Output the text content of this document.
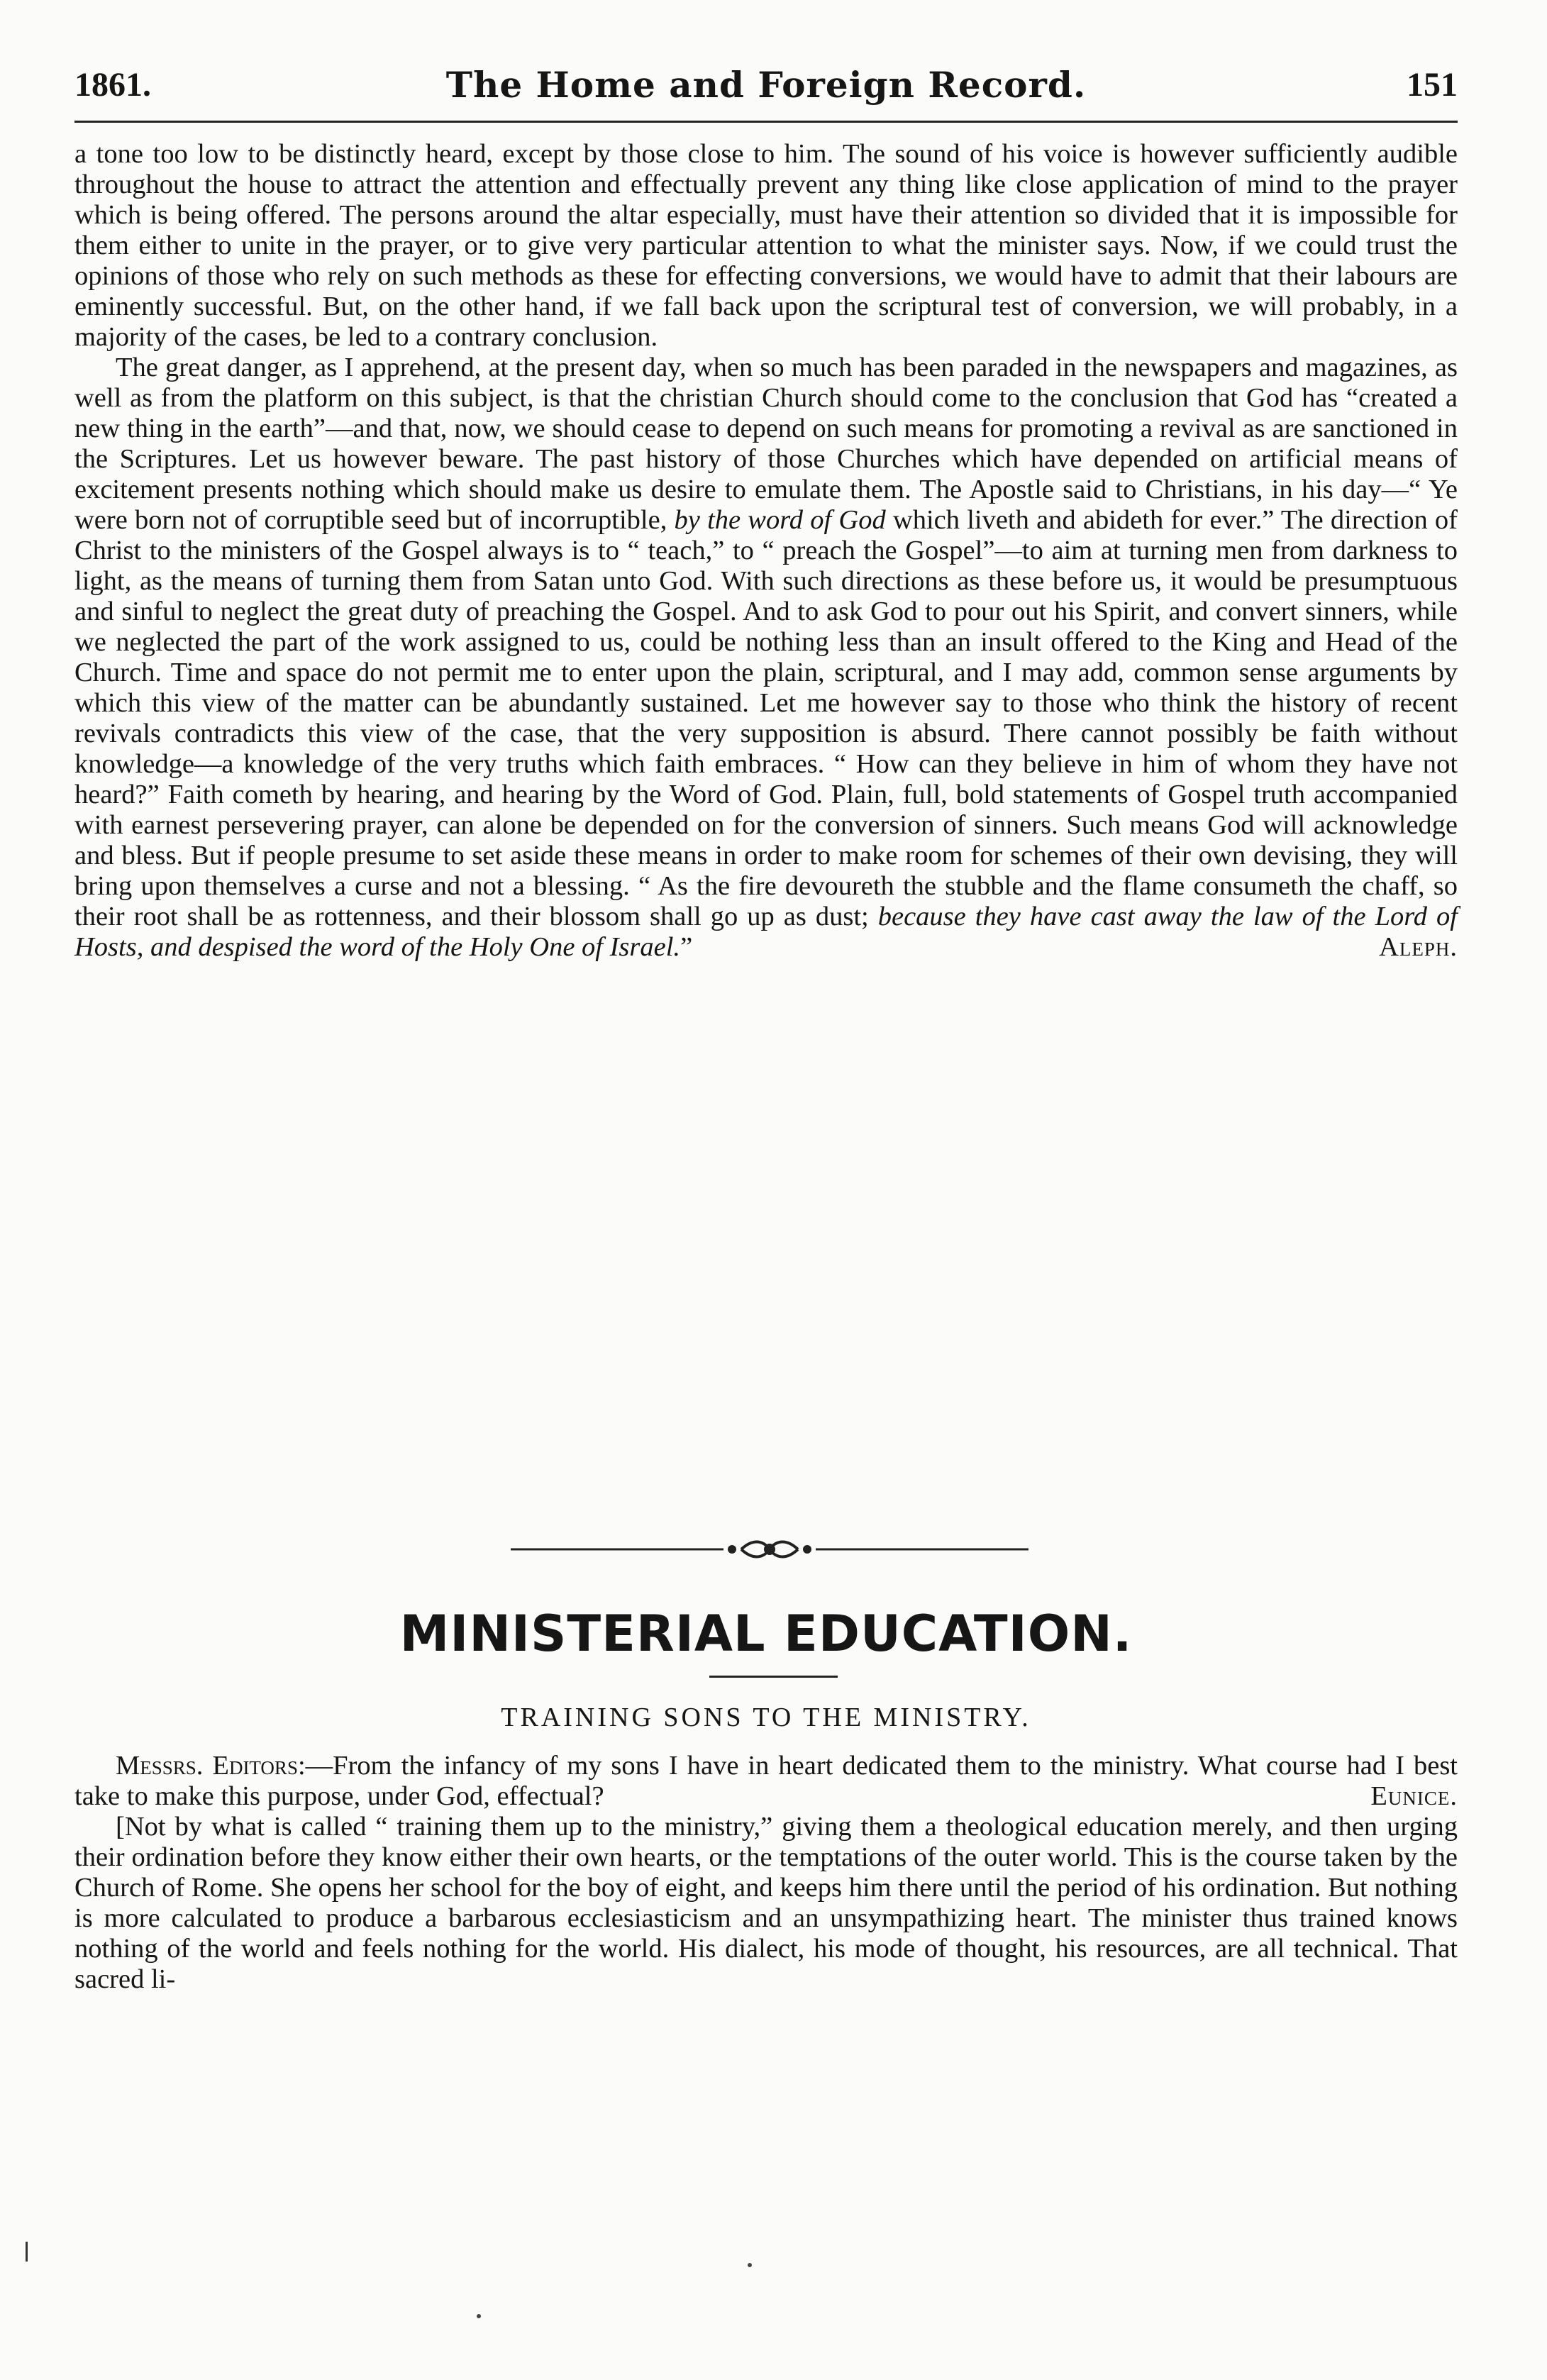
1861.	The Home and Foreign Record.	151

a tone too low to be distinctly heard, except by those close to him. The sound of his voice is however sufficiently audible throughout the house to attract the attention and effectually prevent any thing like close application of mind to the prayer which is being offered. The persons around the altar especially, must have their attention so divided that it is impossible for them either to unite in the prayer, or to give very particular attention to what the minister says. Now, if we could trust the opinions of those who rely on such methods as these for effecting conversions, we would have to admit that their labours are eminently successful. But, on the other hand, if we fall back upon the scriptural test of conversion, we will probably, in a majority of the cases, be led to a contrary conclusion.

The great danger, as I apprehend, at the present day, when so much has been paraded in the newspapers and magazines, as well as from the platform on this subject, is that the christian Church should come to the conclusion that God has “created a new thing in the earth”—and that, now, we should cease to depend on such means for promoting a revival as are sanctioned in the Scriptures. Let us however beware. The past history of those Churches which have depended on artificial means of excitement presents nothing which should make us desire to emulate them. The Apostle said to Christians, in his day—“ Ye were born not of corruptible seed but of incorruptible, by the word of God which liveth and abideth for ever.” The direction of Christ to the ministers of the Gospel always is to “ teach,” to “ preach the Gospel”—to aim at turning men from darkness to light, as the means of turning them from Satan unto God. With such directions as these before us, it would be presumptuous and sinful to neglect the great duty of preaching the Gospel. And to ask God to pour out his Spirit, and convert sinners, while we neglected the part of the work assigned to us, could be nothing less than an insult offered to the King and Head of the Church. Time and space do not permit me to enter upon the plain, scriptural, and I may add, common sense arguments by which this view of the matter can be abundantly sustained. Let me however say to those who think the history of recent revivals contradicts this view of the case, that the very supposition is absurd. There cannot possibly be faith without knowledge—a knowledge of the very truths which faith embraces. “ How can they believe in him of whom they have not heard?” Faith cometh by hearing, and hearing by the Word of God. Plain, full, bold statements of Gospel truth accompanied with earnest persevering prayer, can alone be depended on for the conversion of sinners. Such means God will acknowledge and bless. But if people presume to set aside these means in order to make room for schemes of their own devising, they will bring upon themselves a curse and not a blessing. “ As the fire devoureth the stubble and the flame consumeth the chaff, so their root shall be as rottenness, and their blossom shall go up as dust; because they have cast away the law of the Lord of Hosts, and despised the word of the Holy One of Israel.”	Aleph.

MINISTERIAL EDUCATION.
TRAINING SONS TO THE MINISTRY.

Messrs. Editors:—From the infancy of my sons I have in heart dedicated them to the ministry. What course had I best take to make this purpose, under God, effectual?	Eunice.

[Not by what is called “ training them up to the ministry,” giving them a theological education merely, and then urging their ordination before they know either their own hearts, or the temptations of the outer world. This is the course taken by the Church of Rome. She opens her school for the boy of eight, and keeps him there until the period of his ordination. But nothing is more calculated to produce a barbarous ecclesiasticism and an unsympathizing heart. The minister thus trained knows nothing of the world and feels nothing for the world. His dialect, his mode of thought, his resources, are all technical. That sacred li-
